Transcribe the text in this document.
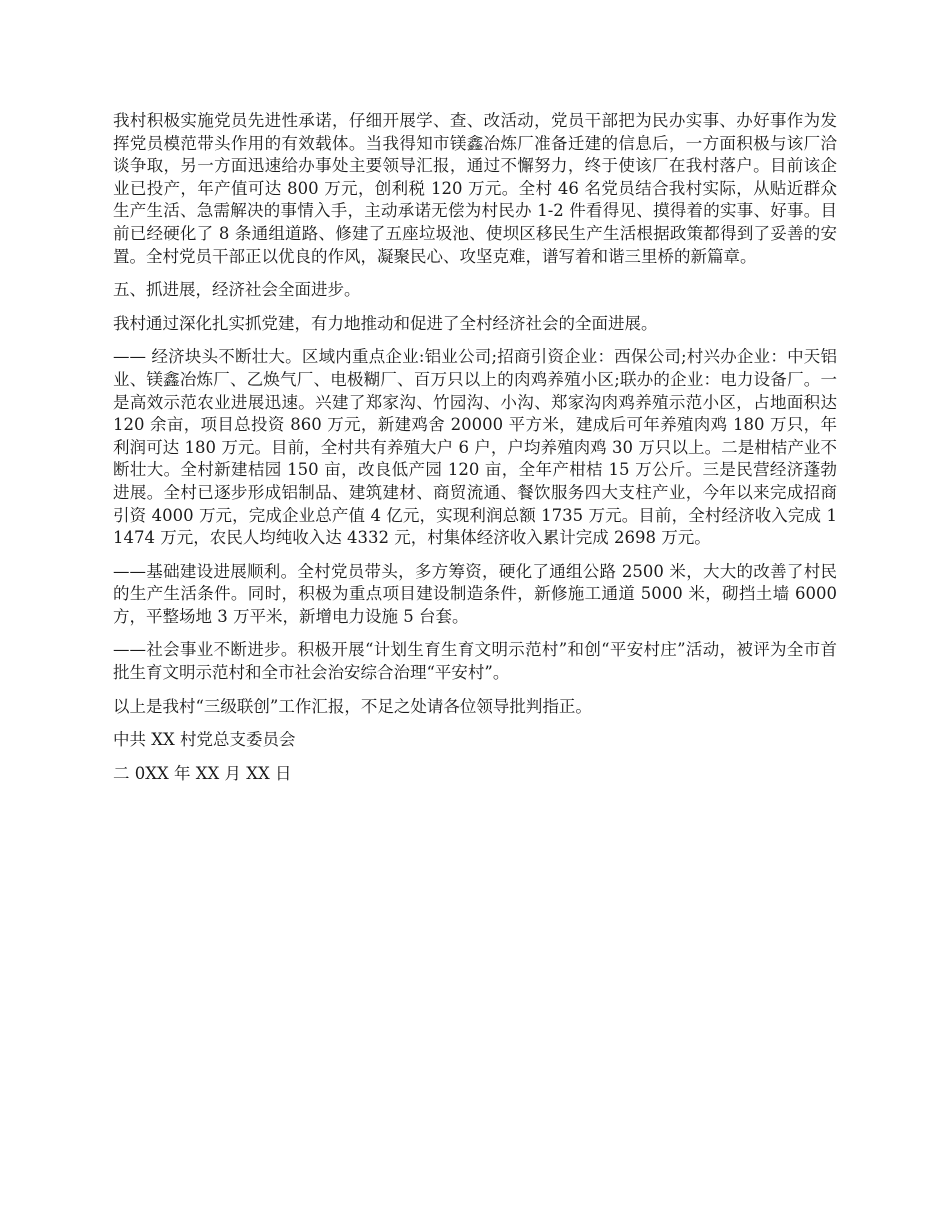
我村积极实施党员先进性承诺，仔细开展学、查、改活动，党员干部把为民办实事、办好事作为发挥党员模范带头作用的有效载体。当我得知市镁鑫冶炼厂准备迁建的信息后，一方面积极与该厂洽谈争取，另一方面迅速给办事处主要领导汇报，通过不懈努力，终于使该厂在我村落户。目前该企业已投产，年产值可达 800 万元，创利税 120 万元。全村 46 名党员结合我村实际，从贴近群众生产生活、急需解决的事情入手，主动承诺无偿为村民办 1-2 件看得见、摸得着的实事、好事。目前已经硬化了 8 条通组道路、修建了五座垃圾池、使坝区移民生产生活根据政策都得到了妥善的安置。全村党员干部正以优良的作风，凝聚民心、攻坚克难，谱写着和谐三里桥的新篇章。

五、抓进展，经济社会全面进步。

我村通过深化扎实抓党建，有力地推动和促进了全村经济社会的全面进展。

—— 经济块头不断壮大。区域内重点企业:铝业公司;招商引资企业：西保公司;村兴办企业：中天铝业、镁鑫冶炼厂、乙焕气厂、电极糊厂、百万只以上的肉鸡养殖小区;联办的企业：电力设备厂。一是高效示范农业进展迅速。兴建了郑家沟、竹园沟、小沟、郑家沟肉鸡养殖示范小区，占地面积达 120 余亩，项目总投资 860 万元，新建鸡舍 20000 平方米，建成后可年养殖肉鸡 180 万只，年利润可达 180 万元。目前，全村共有养殖大户 6 户，户均养殖肉鸡 30 万只以上。二是柑桔产业不断壮大。全村新建桔园 150 亩，改良低产园 120 亩，全年产柑桔 15 万公斤。三是民营经济蓬勃进展。全村已逐步形成铝制品、建筑建材、商贸流通、餐饮服务四大支柱产业，今年以来完成招商引资 4000 万元，完成企业总产值 4 亿元，实现利润总额 1735 万元。目前，全村经济收入完成 11474 万元，农民人均纯收入达 4332 元，村集体经济收入累计完成 2698 万元。

——基础建设进展顺利。全村党员带头，多方筹资，硬化了通组公路 2500 米，大大的改善了村民的生产生活条件。同时，积极为重点项目建设制造条件，新修施工通道 5000 米，砌挡土墙 6000 方，平整场地 3 万平米，新增电力设施 5 台套。

——社会事业不断进步。积极开展“计划生育生育文明示范村”和创“平安村庄”活动，被评为全市首批生育文明示范村和全市社会治安综合治理“平安村”。

以上是我村“三级联创”工作汇报，不足之处请各位领导批判指正。

中共 XX 村党总支委员会

二 0XX 年 XX 月 XX 日
